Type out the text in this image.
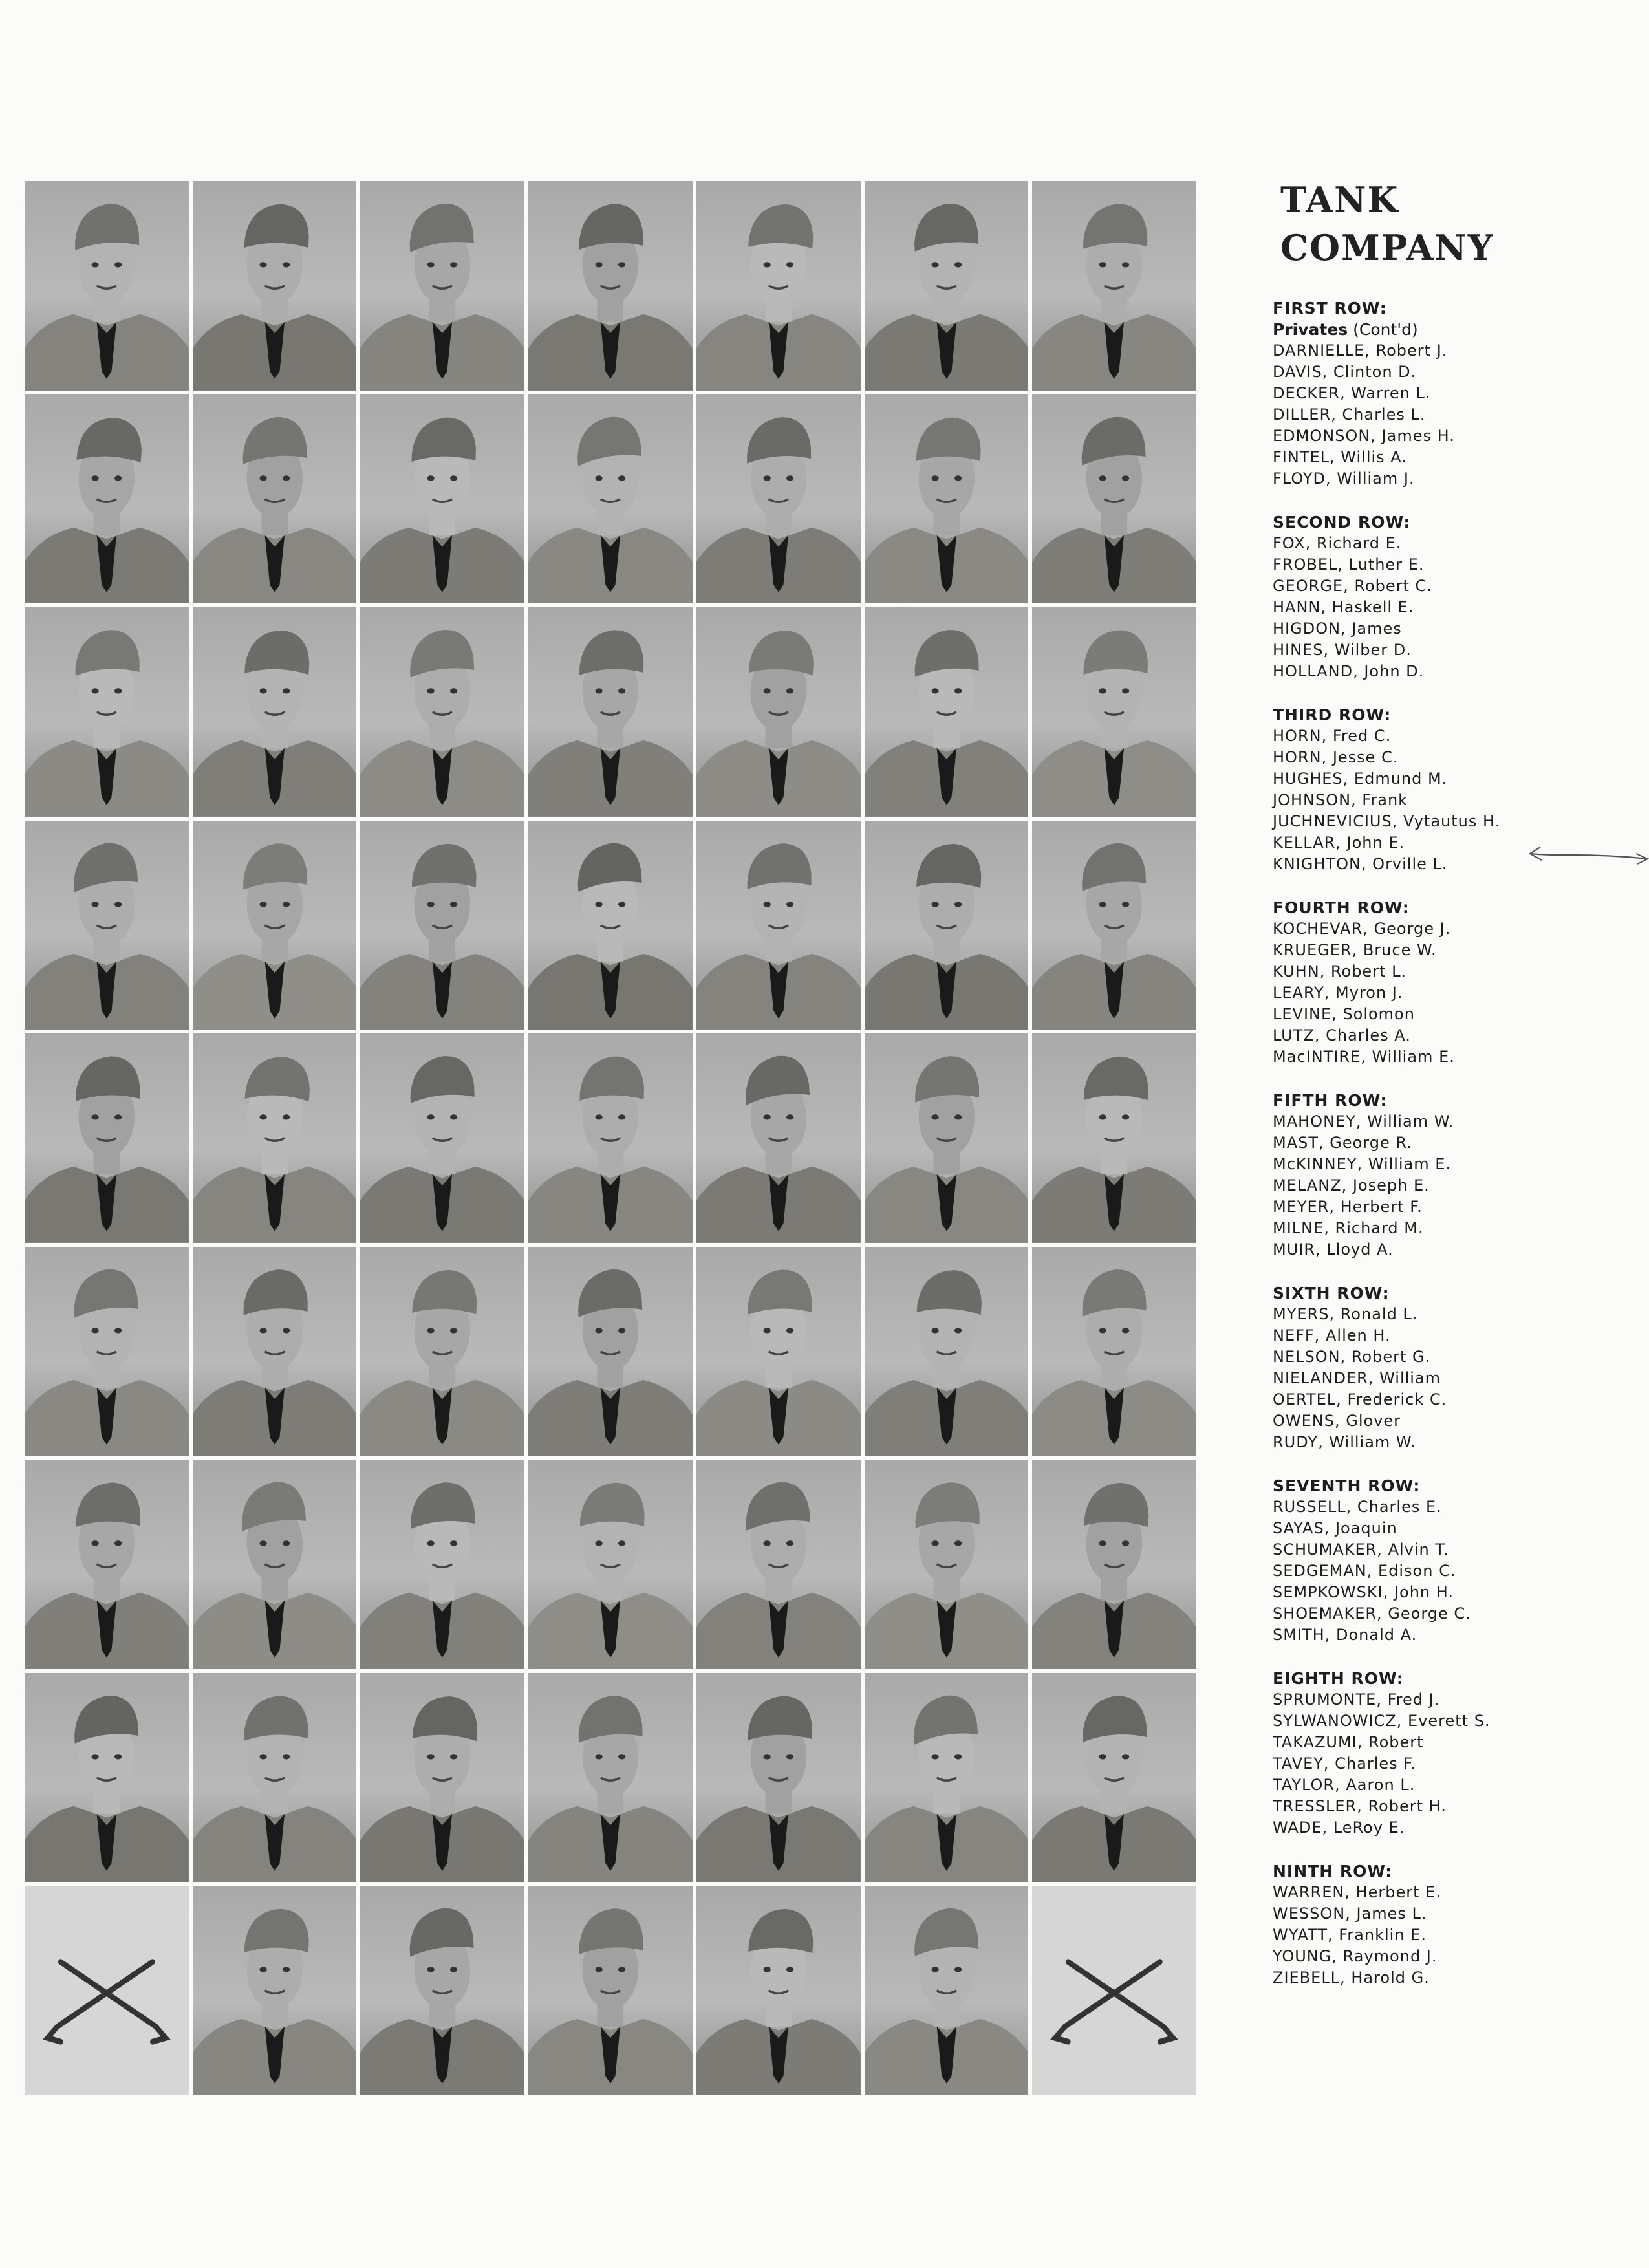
TANK
COMPANY
FIRST ROW:
Privates (Cont'd)
DARNIELLE, Robert J.
DAVIS, Clinton D.
DECKER, Warren L.
DILLER, Charles L.
EDMONSON, James H.
FINTEL, Willis A.
FLOYD, William J.
SECOND ROW:
FOX, Richard E.
FROBEL, Luther E.
GEORGE, Robert C.
HANN, Haskell E.
HIGDON, James
HINES, Wilber D.
HOLLAND, John D.
THIRD ROW:
HORN, Fred C.
HORN, Jesse C.
HUGHES, Edmund M.
JOHNSON, Frank
JUCHNEVICIUS, Vytautus H.
KELLAR, John E.
KNIGHTON, Orville L.
FOURTH ROW:
KOCHEVAR, George J.
KRUEGER, Bruce W.
KUHN, Robert L.
LEARY, Myron J.
LEVINE, Solomon
LUTZ, Charles A.
MacINTIRE, William E.
FIFTH ROW:
MAHONEY, William W.
MAST, George R.
McKINNEY, William E.
MELANZ, Joseph E.
MEYER, Herbert F.
MILNE, Richard M.
MUIR, Lloyd A.
SIXTH ROW:
MYERS, Ronald L.
NEFF, Allen H.
NELSON, Robert G.
NIELANDER, William
OERTEL, Frederick C.
OWENS, Glover
RUDY, William W.
SEVENTH ROW:
RUSSELL, Charles E.
SAYAS, Joaquin
SCHUMAKER, Alvin T.
SEDGEMAN, Edison C.
SEMPKOWSKI, John H.
SHOEMAKER, George C.
SMITH, Donald A.
EIGHTH ROW:
SPRUMONTE, Fred J.
SYLWANOWICZ, Everett S.
TAKAZUMI, Robert
TAVEY, Charles F.
TAYLOR, Aaron L.
TRESSLER, Robert H.
WADE, LeRoy E.
NINTH ROW:
WARREN, Herbert E.
WESSON, James L.
WYATT, Franklin E.
YOUNG, Raymond J.
ZIEBELL, Harold G.
